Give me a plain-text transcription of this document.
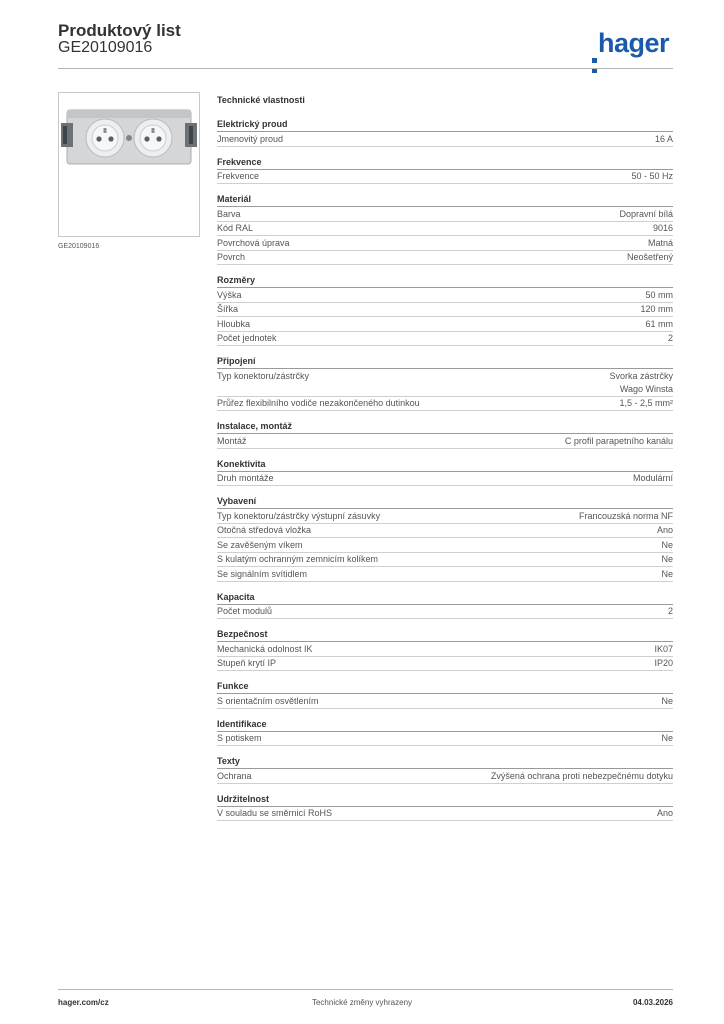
Produktový list
GE20109016	hager
GE20109016
Technické vlastnosti
Elektrický proud
Jmenovitý proud	16 A
Frekvence
Frekvence	50 - 50 Hz
Materiál
Barva	Dopravní bílá
Kód RAL	9016
Povrchová úprava	Matná
Povrch	Neošetřený
Rozměry
Výška	50 mm
Šířka	120 mm
Hloubka	61 mm
Počet jednotek	2
Připojení
Typ konektoru/zástrčky	Svorka zástrčky
Wago Winsta
Průřez flexibilního vodiče nezakončeného dutinkou	1,5 - 2,5 mm²
Instalace, montáž
Montáž	C profil parapetního kanálu
Konektivita
Druh montáže	Modulární
Vybavení
Typ konektoru/zástrčky výstupní zásuvky	Francouzská norma NF
Otočná středová vložka	Ano
Se zavěšeným víkem	Ne
S kulatým ochranným zemnicím kolíkem	Ne
Se signálním svítidlem	Ne
Kapacita
Počet modulů	2
Bezpečnost
Mechanická odolnost IK	IK07
Stupeň krytí IP	IP20
Funkce
S orientačním osvětlením	Ne
Identifikace
S potiskem	Ne
Texty
Ochrana	Zvýšená ochrana proti nebezpečnému dotyku
Udržitelnost
V souladu se směrnicí RoHS	Ano
hager.com/cz	Technické změny vyhrazeny	04.03.2026
